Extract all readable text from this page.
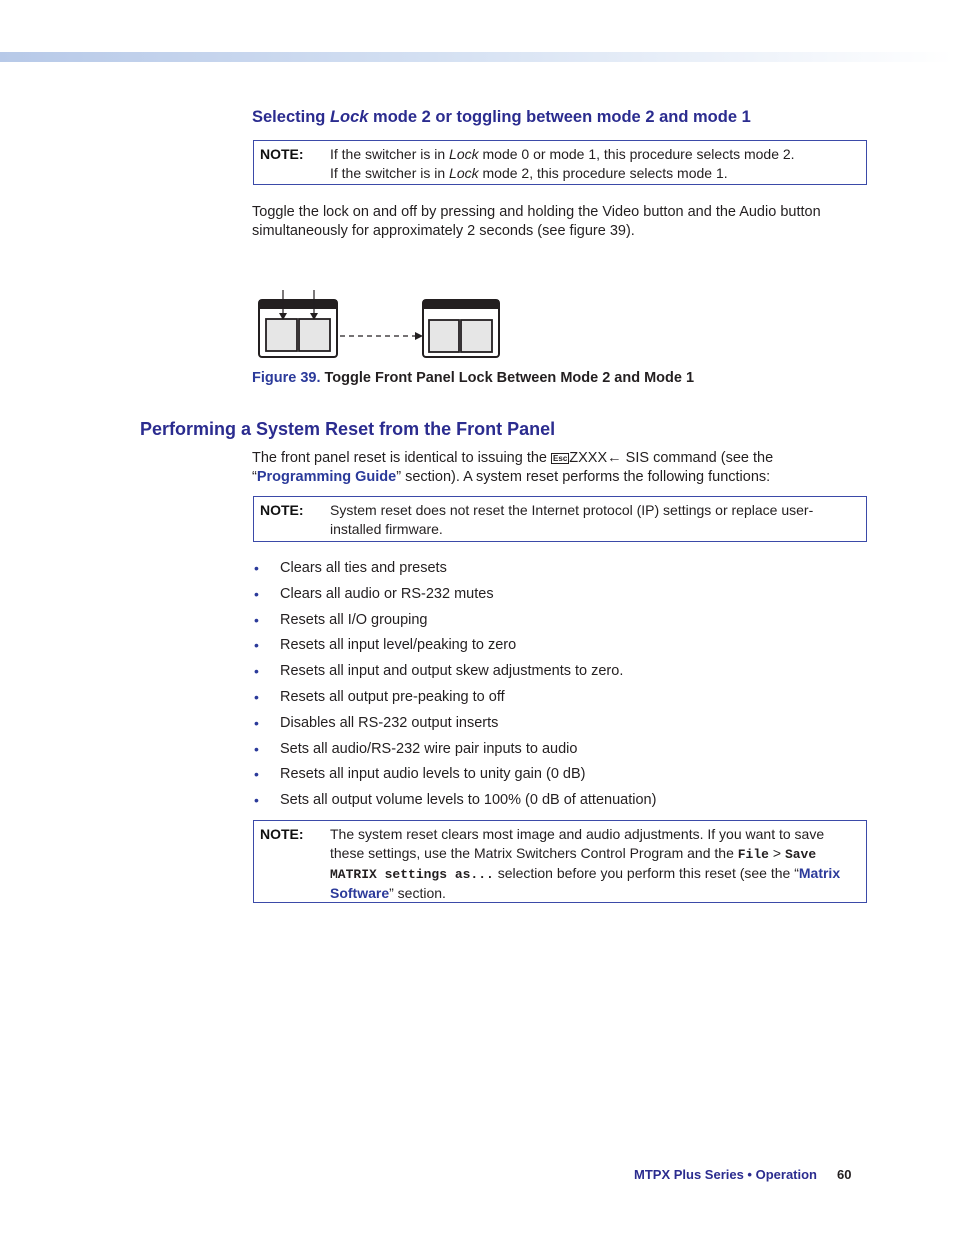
Selecting Lock mode 2 or toggling between mode 2 and mode 1
NOTE: If the switcher is in Lock mode 0 or mode 1, this procedure selects mode 2.
If the switcher is in Lock mode 2, this procedure selects mode 1.

Toggle the lock on and off by pressing and holding the Video button and the Audio button simultaneously for approximately 2 seconds (see figure 39).

Figure 39. Toggle Front Panel Lock Between Mode 2 and Mode 1

Performing a System Reset from the Front Panel

The front panel reset is identical to issuing the Esc ZXXX← SIS command (see the “Programming Guide” section). A system reset performs the following functions:

NOTE: System reset does not reset the Internet protocol (IP) settings or replace user-installed firmware.
• Clears all ties and presets
• Clears all audio or RS-232 mutes
• Resets all I/O grouping
• Resets all input level/peaking to zero
• Resets all input and output skew adjustments to zero.
• Resets all output pre-peaking to off
• Disables all RS-232 output inserts
• Sets all audio/RS-232 wire pair inputs to audio
• Resets all input audio levels to unity gain (0 dB)
• Sets all output volume levels to 100% (0 dB of attenuation)
NOTE: The system reset clears most image and audio adjustments. If you want to save these settings, use the Matrix Switchers Control Program and the File > Save MATRIX settings as... selection before you perform this reset (see the “Matrix Software” section.
MTPX Plus Series • Operation 60
